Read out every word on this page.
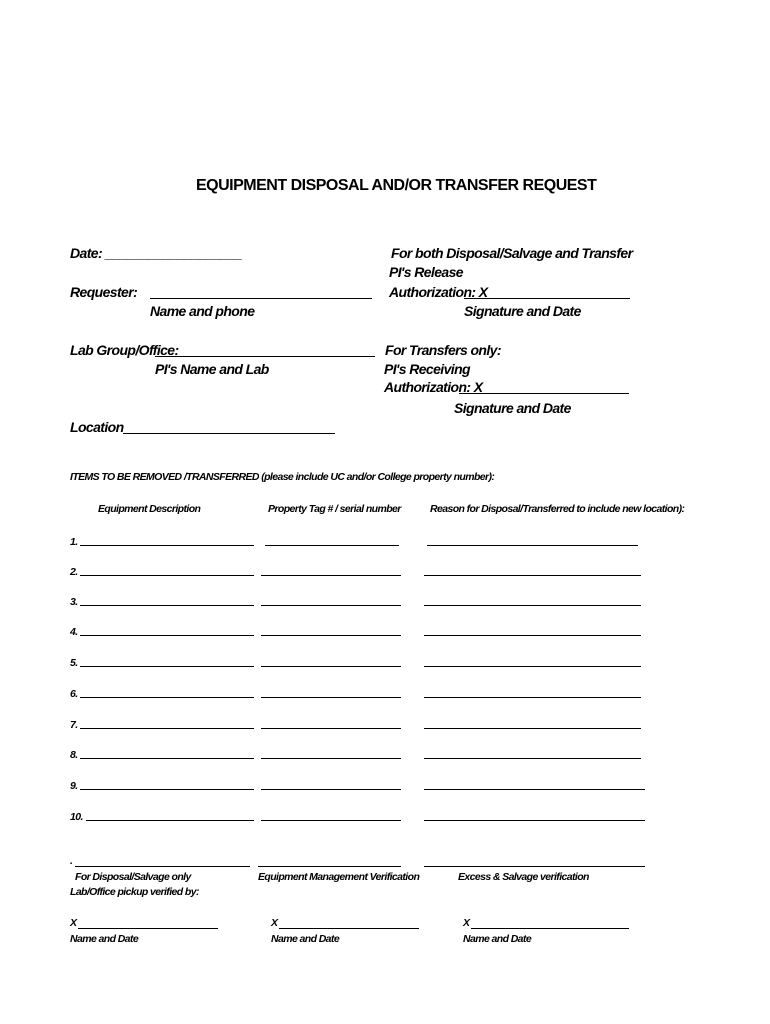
EQUIPMENT DISPOSAL AND/OR TRANSFER REQUEST
Date: ___________________
Requester:
Name and phone
Lab Group/Office:
PI's Name and Lab
Location
For both Disposal/Salvage and Transfer
PI's Release
Authorization: X
Signature and Date
For Transfers only:
PI's Receiving
Authorization: X
Signature and Date
ITEMS TO BE REMOVED /TRANSFERRED (please include UC and/or College property number):
Equipment Description	Property Tag # / serial number	Reason for Disposal/Transferred to include new location):
1.
2.
3.
4.
5.
6.
7.
8.
9.
10.
.
For Disposal/Salvage only
Lab/Office pickup verified by:
Equipment Management Verification	Excess & Salvage verification
X
Name and Date
X
Name and Date
X
Name and Date
